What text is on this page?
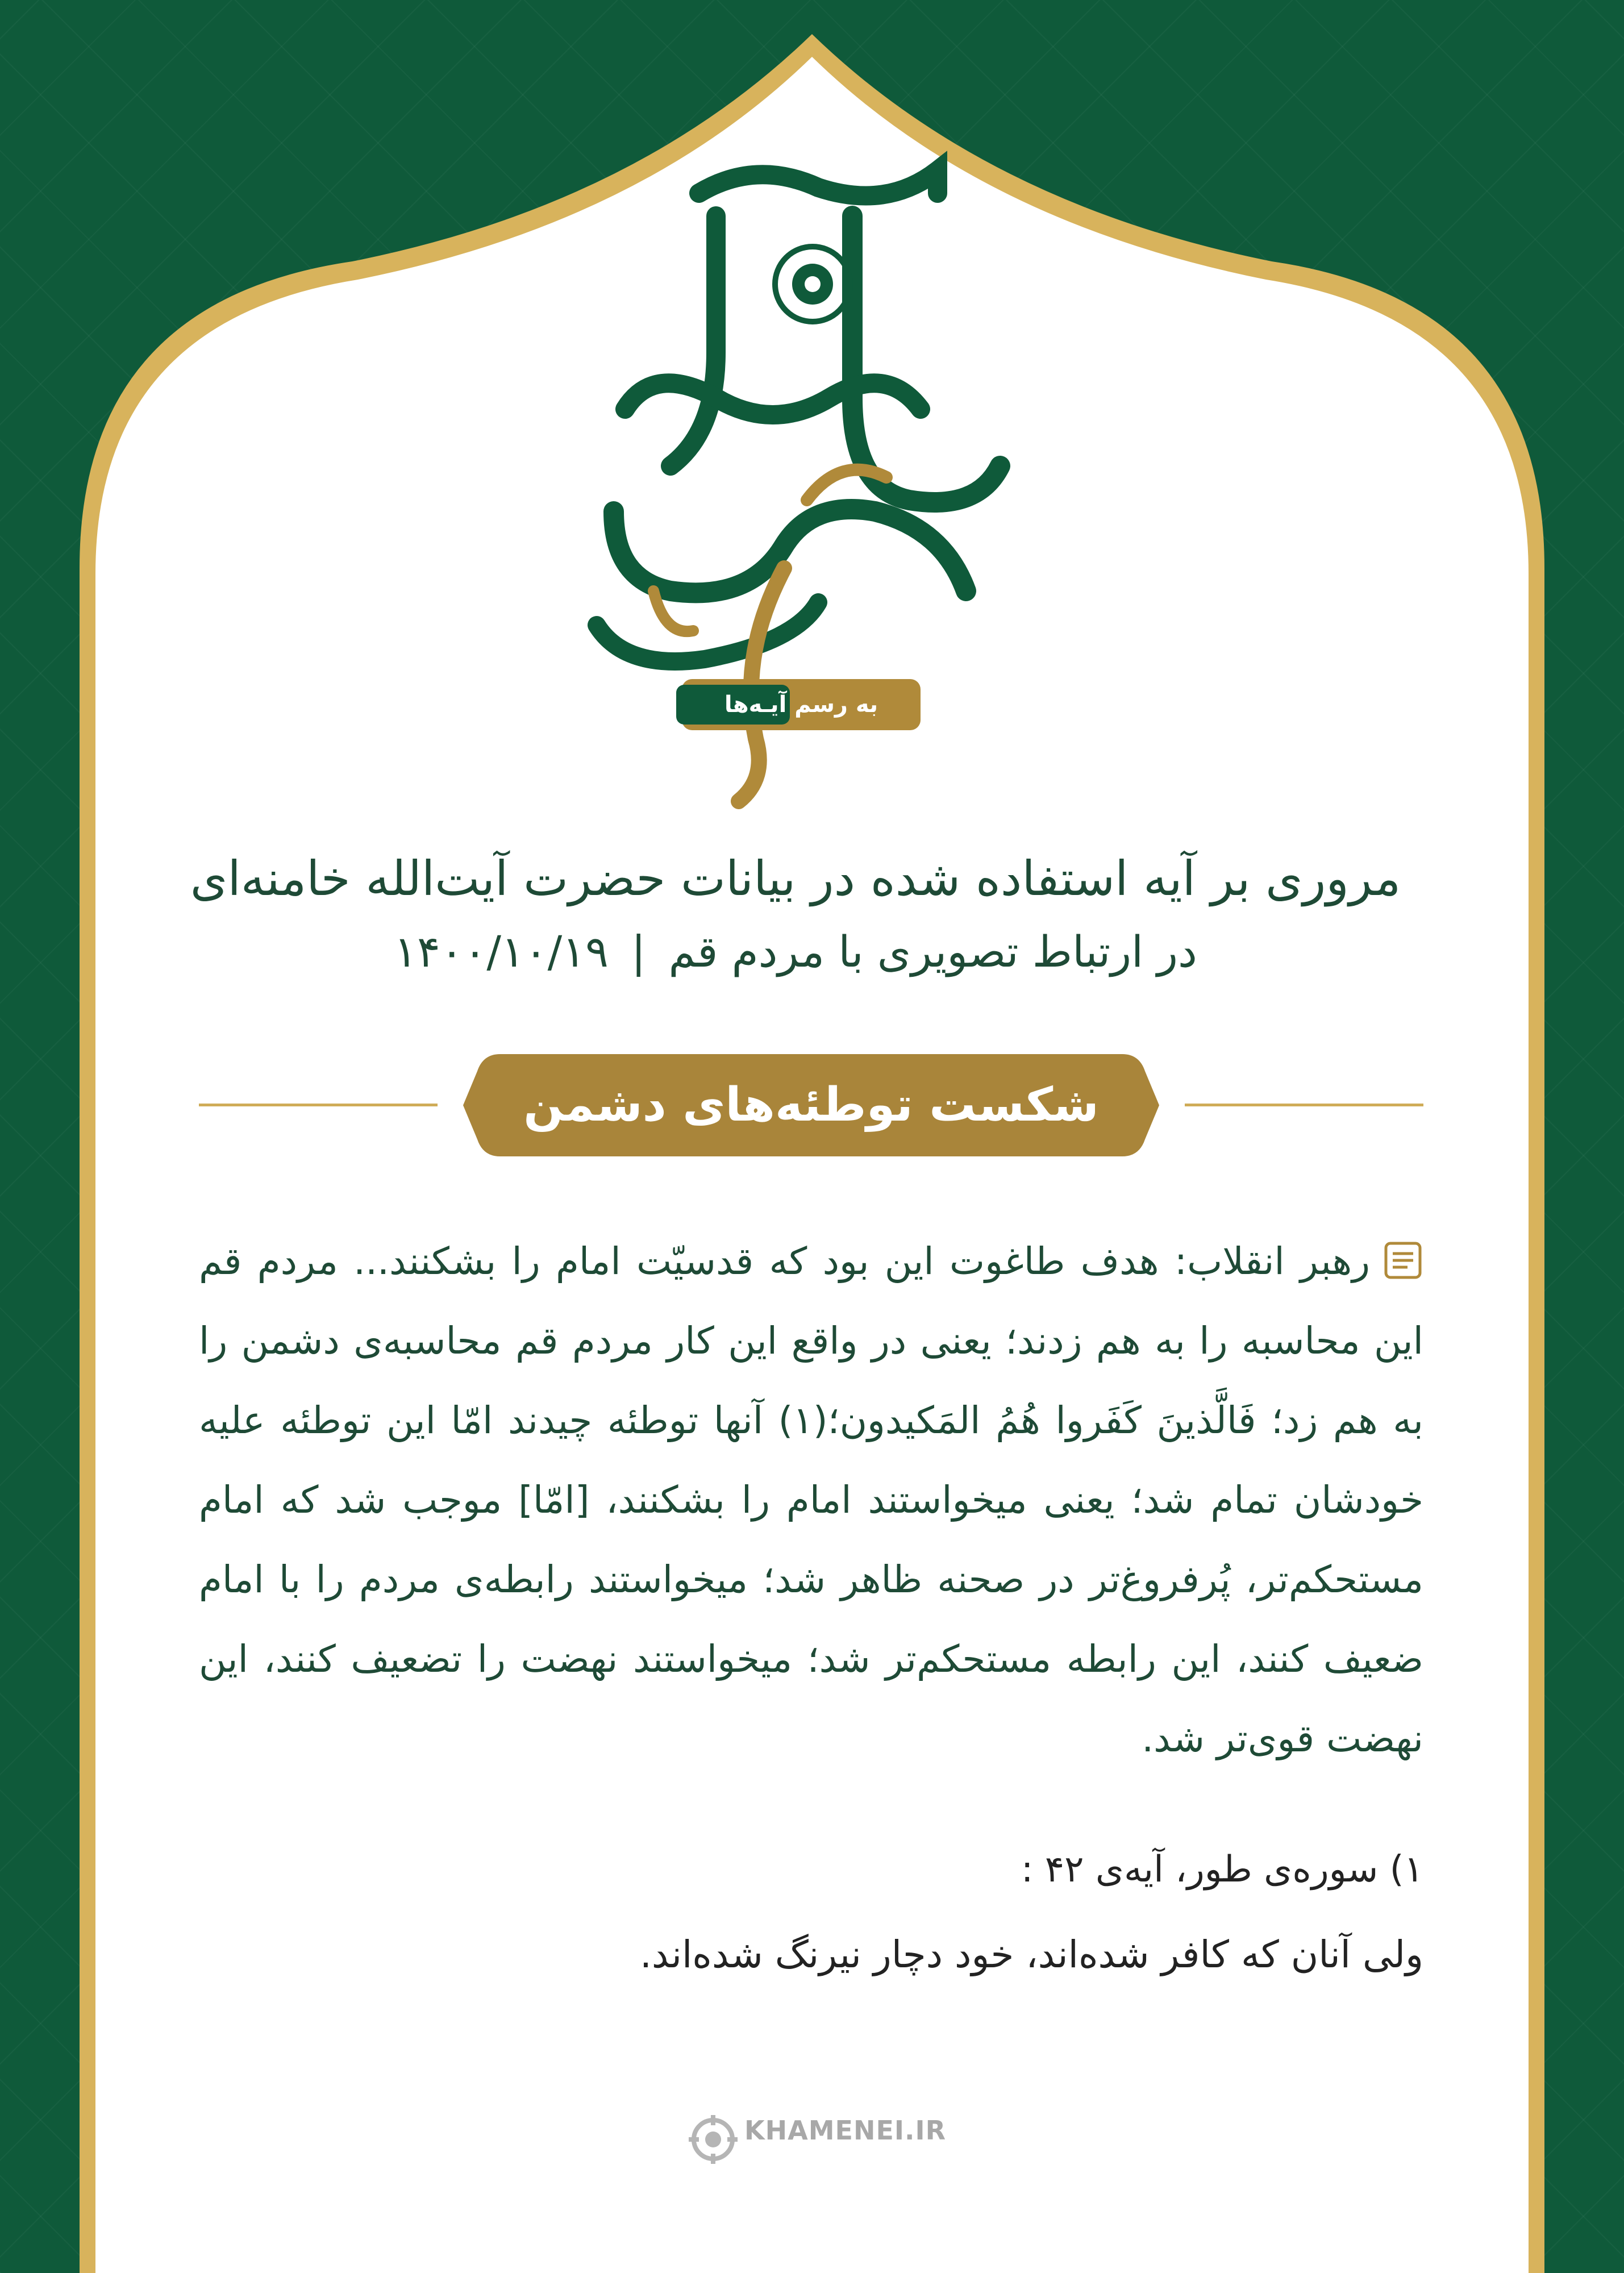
به رسم آیـه‌ها
مروری بر آیه استفاده شده در بیانات حضرت آیت‌الله خامنه‌ای
در ارتباط تصویری با مردم قم|۱۴۰۰/۱۰/۱۹
شکست توطئه‌های دشمن
رهبر انقلاب: هدف طاغوت این بود که قدسیّت امام را بشکنند... مردم قم این محاسبه را به هم زدند؛ یعنی در واقع این کار مردم قم محاسبه‌ی دشمن را به هم زد؛ فَالَّذینَ کَفَروا هُمُ المَکیدون؛(۱) آنها توطئه چیدند امّا این توطئه علیه خودشان تمام شد؛ یعنی میخواستند امام را بشکنند، [امّا] موجب شد که امام مستحکم‌تر، پُرفروغ‌تر در صحنه ظاهر شد؛ میخواستند رابطه‌ی مردم را با امام ضعیف کنند، این رابطه مستحکم‌تر شد؛ میخواستند نهضت را تضعیف کنند، این نهضت قوی‌تر شد.
۱) سوره‌ی طور، آیه‌ی ۴۲ :
ولی آنان که کافر شده‌اند، خود دچار نیرنگ شده‌اند.
KHAMENEI.IR
